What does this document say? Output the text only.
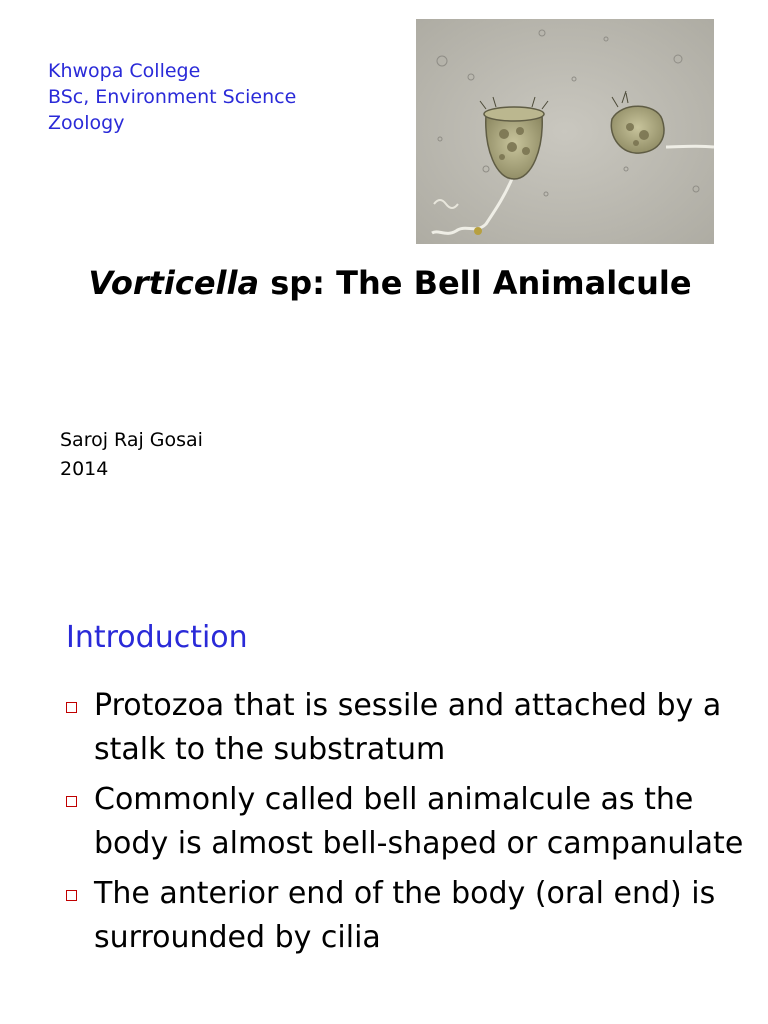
Khwopa College
BSc, Environment Science
Zoology
Vorticella sp: The Bell Animalcule
Saroj Raj Gosai
2014
Introduction
Protozoa that is sessile and attached by a stalk to the substratum
Commonly called bell animalcule as the body is almost bell-shaped or campanulate
The anterior end of the body (oral end) is surrounded by cilia
